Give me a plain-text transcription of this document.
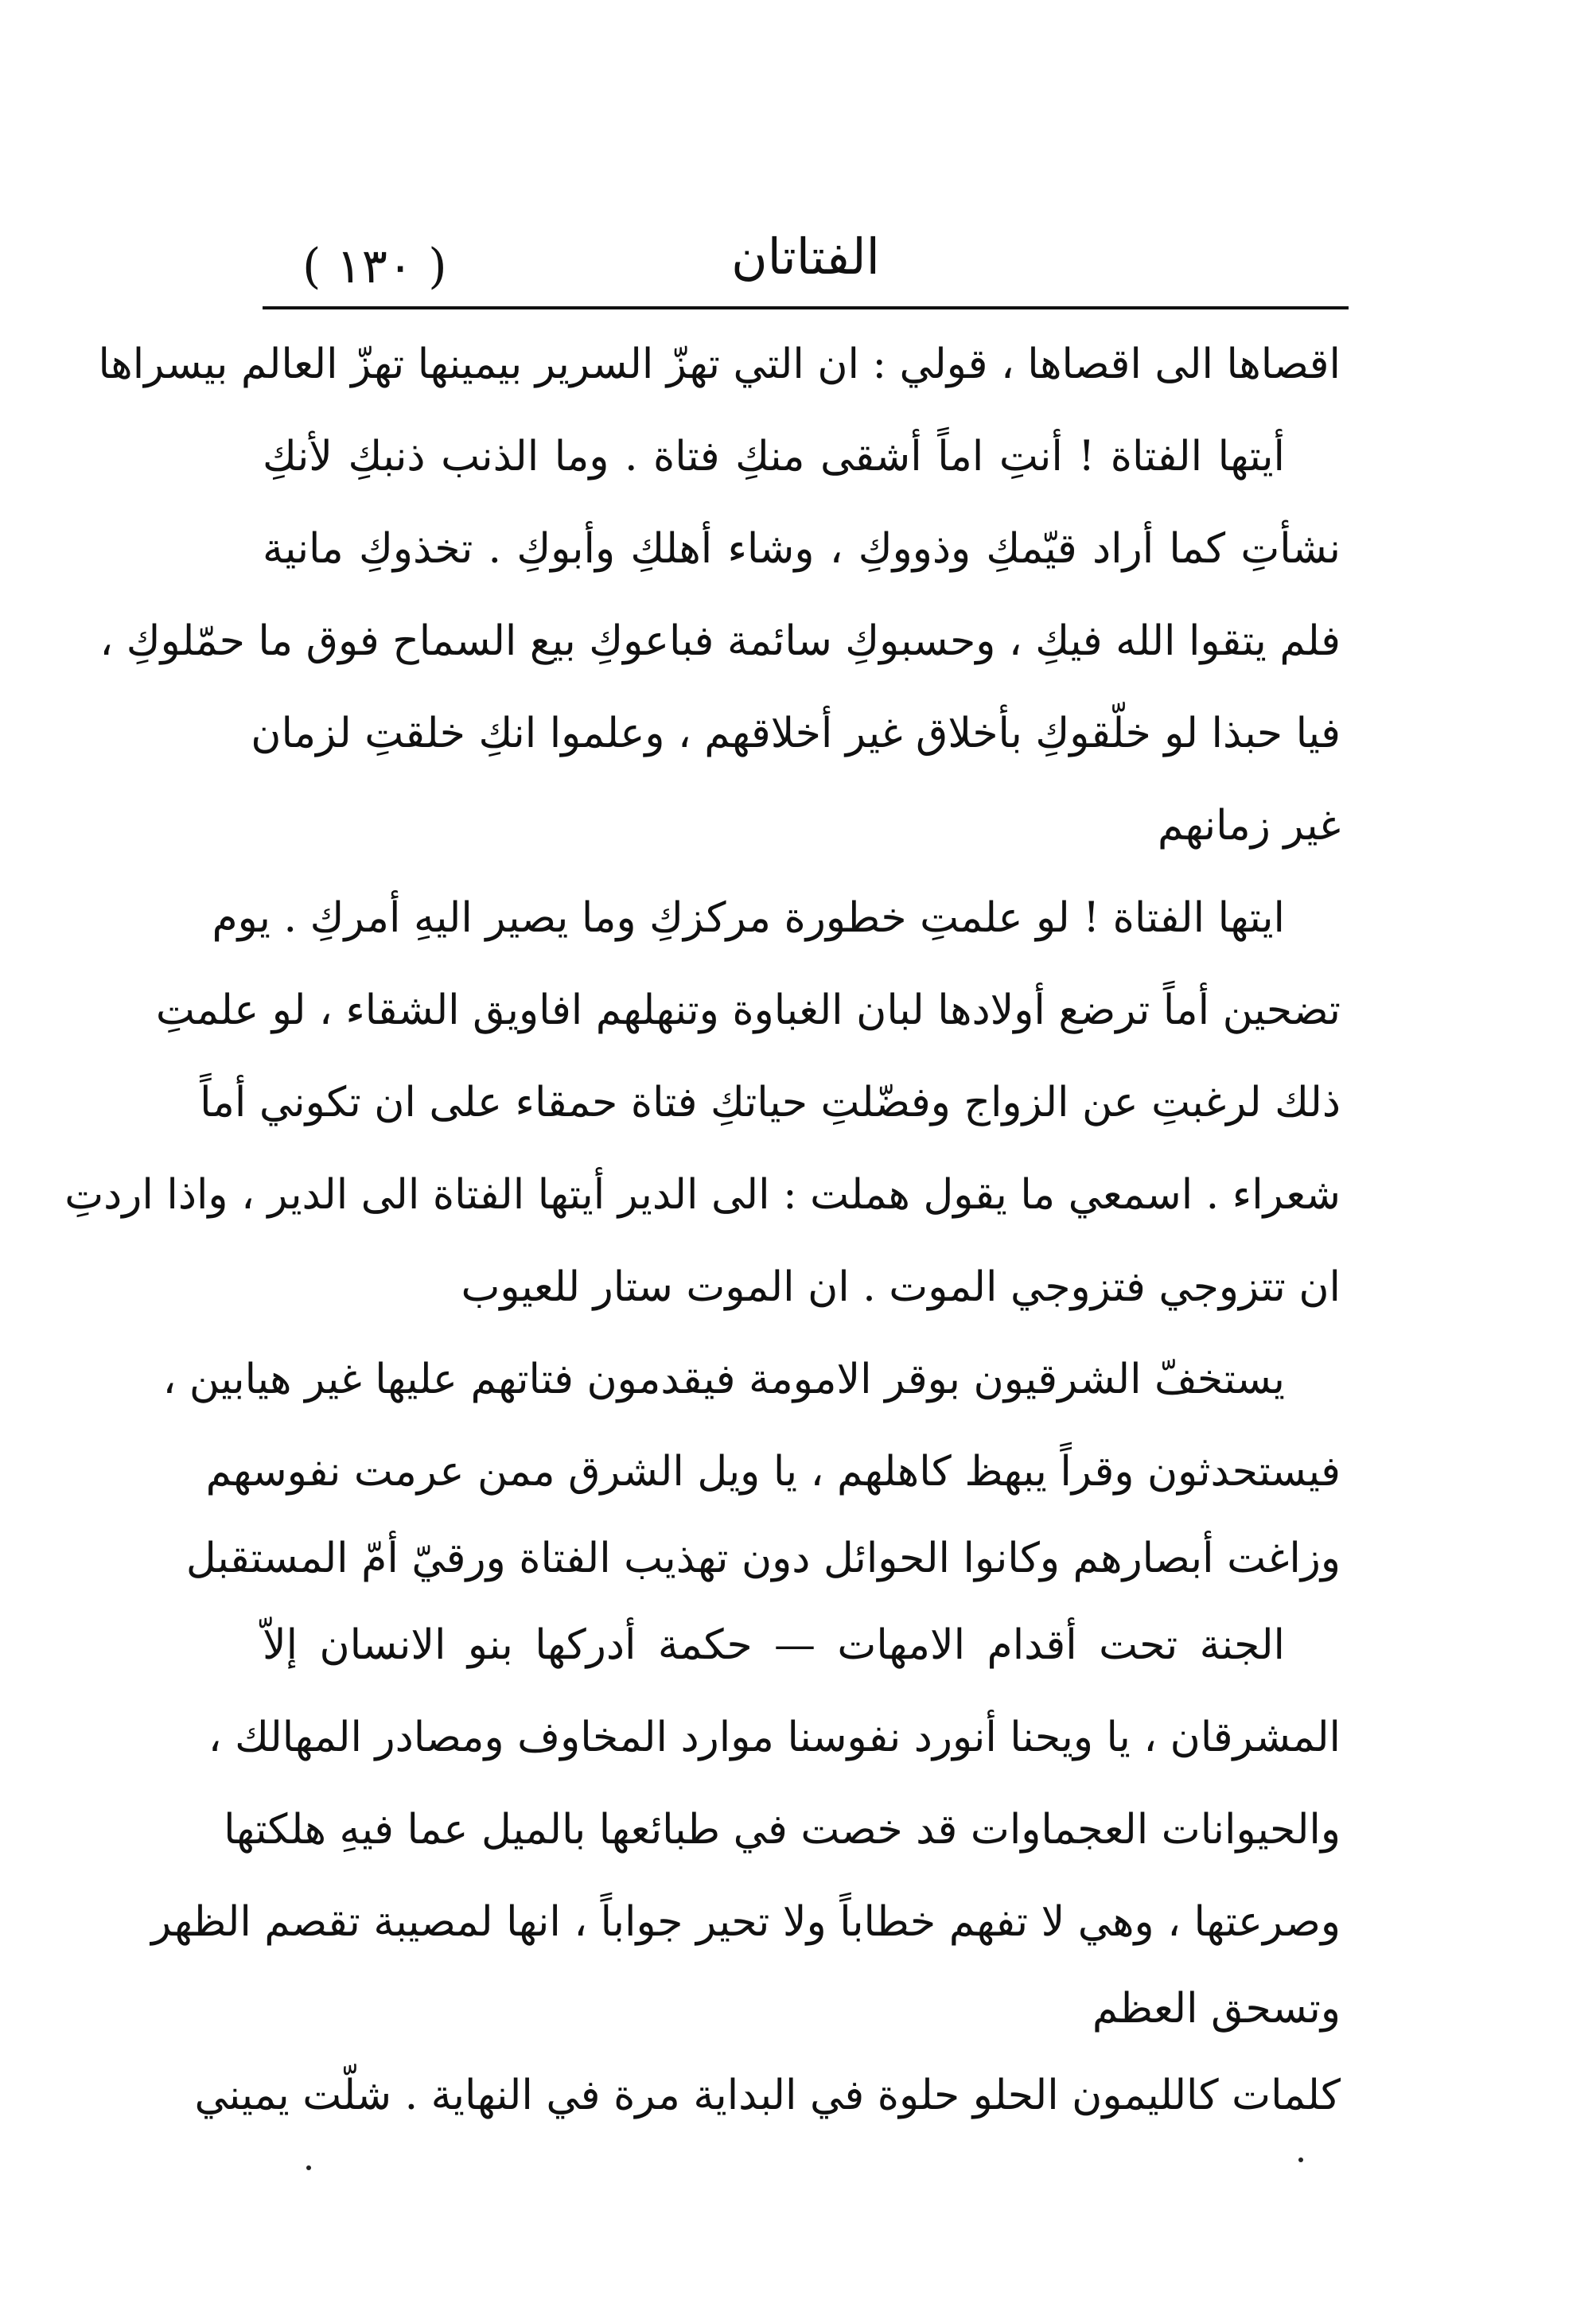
( ١٣٠ )	الفتاتان
اقصاها الى اقصاها ، قولي : ان التي تهزّ السرير بيمينها تهزّ العالم بيسراها
أيتها الفتاة ! أنتِ اماً أشقى منكِ فتاة . وما الذنب ذنبكِ لأنكِ
نشأتِ كما أراد قيّمكِ وذووكِ ، وشاء أهلكِ وأبوكِ . تخذوكِ مانية
فلم يتقوا الله فيكِ ، وحسبوكِ سائمة فباعوكِ بيع السماح فوق ما حمّلوكِ ،
فيا حبذا لو خلّقوكِ بأخلاق غير أخلاقهم ، وعلموا انكِ خلقتِ لزمان
غير زمانهم
ايتها الفتاة ! لو علمتِ خطورة مركزكِ وما يصير اليهِ أمركِ . يوم
تضحين أماً ترضع أولادها لبان الغباوة وتنهلهم افاويق الشقاء ، لو علمتِ
ذلك لرغبتِ عن الزواج وفضّلتِ حياتكِ فتاة حمقاء على ان تكوني أماً
شعراء . اسمعي ما يقول هملت : الى الدير أيتها الفتاة الى الدير ، واذا اردتِ
ان تتزوجي فتزوجي الموت . ان الموت ستار للعيوب
يستخفّ الشرقيون بوقر الامومة فيقدمون فتاتهم عليها غير هيابين ،
فيستحدثون وقراً يبهظ كاهلهم ، يا ويل الشرق ممن عرمت نفوسهم
وزاغت أبصارهم وكانوا الحوائل دون تهذيب الفتاة ورقيّ أمّ المستقبل
الجنة تحت أقدام الامهات — حكمة أدركها بنو الانسان إلاّ
المشرقان ، يا ويحنا أنورد نفوسنا موارد المخاوف ومصادر المهالك ،
والحيوانات العجماوات قد خصت في طبائعها بالميل عما فيهِ هلكتها
وصرعتها ، وهي لا تفهم خطاباً ولا تحير جواباً ، انها لمصيبة تقصم الظهر
وتسحق العظم
كلمات كالليمون الحلو حلوة في البداية مرة في النهاية . شلّت يميني
